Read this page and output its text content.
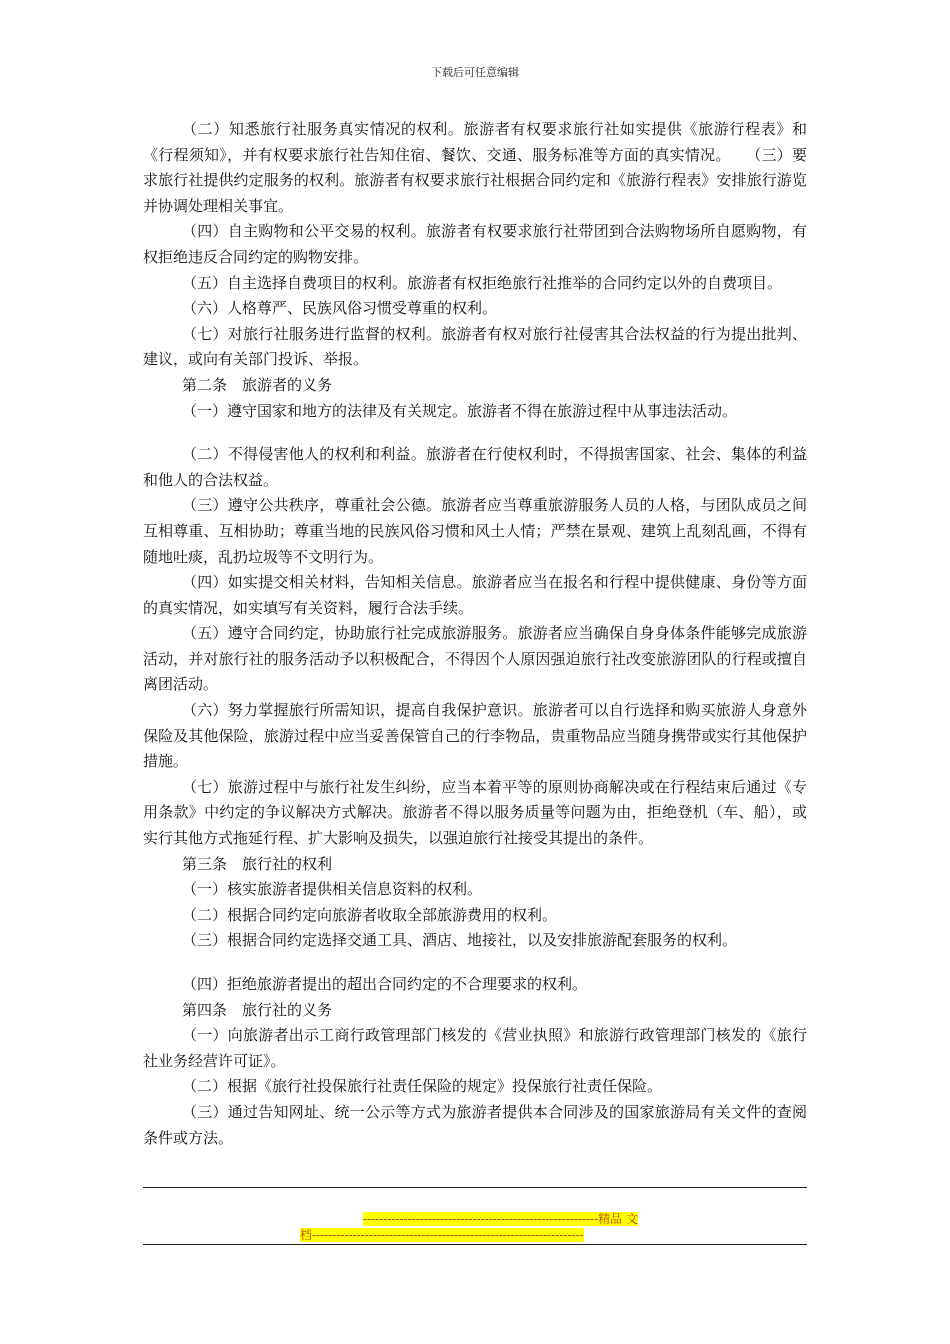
下载后可任意编辑

（二）知悉旅行社服务真实情况的权利。旅游者有权要求旅行社如实提供《旅游行程表》和《行程须知》，并有权要求旅行社告知住宿、餐饮、交通、服务标准等方面的真实情况。　　（三）要求旅行社提供约定服务的权利。旅游者有权要求旅行社根据合同约定和《旅游行程表》安排旅行游览并协调处理相关事宜。

（四）自主购物和公平交易的权利。旅游者有权要求旅行社带团到合法购物场所自愿购物，有权拒绝违反合同约定的购物安排。

（五）自主选择自费项目的权利。旅游者有权拒绝旅行社推举的合同约定以外的自费项目。

（六）人格尊严、民族风俗习惯受尊重的权利。

（七）对旅行社服务进行监督的权利。旅游者有权对旅行社侵害其合法权益的行为提出批判、建议，或向有关部门投诉、举报。

第二条　旅游者的义务

（一）遵守国家和地方的法律及有关规定。旅游者不得在旅游过程中从事违法活动。

（二）不得侵害他人的权利和利益。旅游者在行使权利时，不得损害国家、社会、集体的利益和他人的合法权益。

（三）遵守公共秩序，尊重社会公德。旅游者应当尊重旅游服务人员的人格，与团队成员之间互相尊重、互相协助；尊重当地的民族风俗习惯和风土人情；严禁在景观、建筑上乱刻乱画，不得有随地吐痰，乱扔垃圾等不文明行为。

（四）如实提交相关材料，告知相关信息。旅游者应当在报名和行程中提供健康、身份等方面的真实情况，如实填写有关资料，履行合法手续。

（五）遵守合同约定，协助旅行社完成旅游服务。旅游者应当确保自身身体条件能够完成旅游活动，并对旅行社的服务活动予以积极配合，不得因个人原因强迫旅行社改变旅游团队的行程或擅自离团活动。

（六）努力掌握旅行所需知识，提高自我保护意识。旅游者可以自行选择和购买旅游人身意外保险及其他保险，旅游过程中应当妥善保管自己的行李物品，贵重物品应当随身携带或实行其他保护措施。

（七）旅游过程中与旅行社发生纠纷，应当本着平等的原则协商解决或在行程结束后通过《专用条款》中约定的争议解决方式解决。旅游者不得以服务质量等问题为由，拒绝登机（车、船），或实行其他方式拖延行程、扩大影响及损失，以强迫旅行社接受其提出的条件。

第三条　旅行社的权利

（一）核实旅游者提供相关信息资料的权利。

（二）根据合同约定向旅游者收取全部旅游费用的权利。

（三）根据合同约定选择交通工具、酒店、地接社，以及安排旅游配套服务的权利。

（四）拒绝旅游者提出的超出合同约定的不合理要求的权利。

第四条　旅行社的义务

（一）向旅游者出示工商行政管理部门核发的《营业执照》和旅游行政管理部门核发的《旅行社业务经营许可证》。

（二）根据《旅行社投保旅行社责任保险的规定》投保旅行社责任保险。

（三）通过告知网址、统一公示等方式为旅游者提供本合同涉及的国家旅游局有关文件的查阅条件或方法。

----------------------------------------------------------精品 文
档-------------------------------------------------------------------
